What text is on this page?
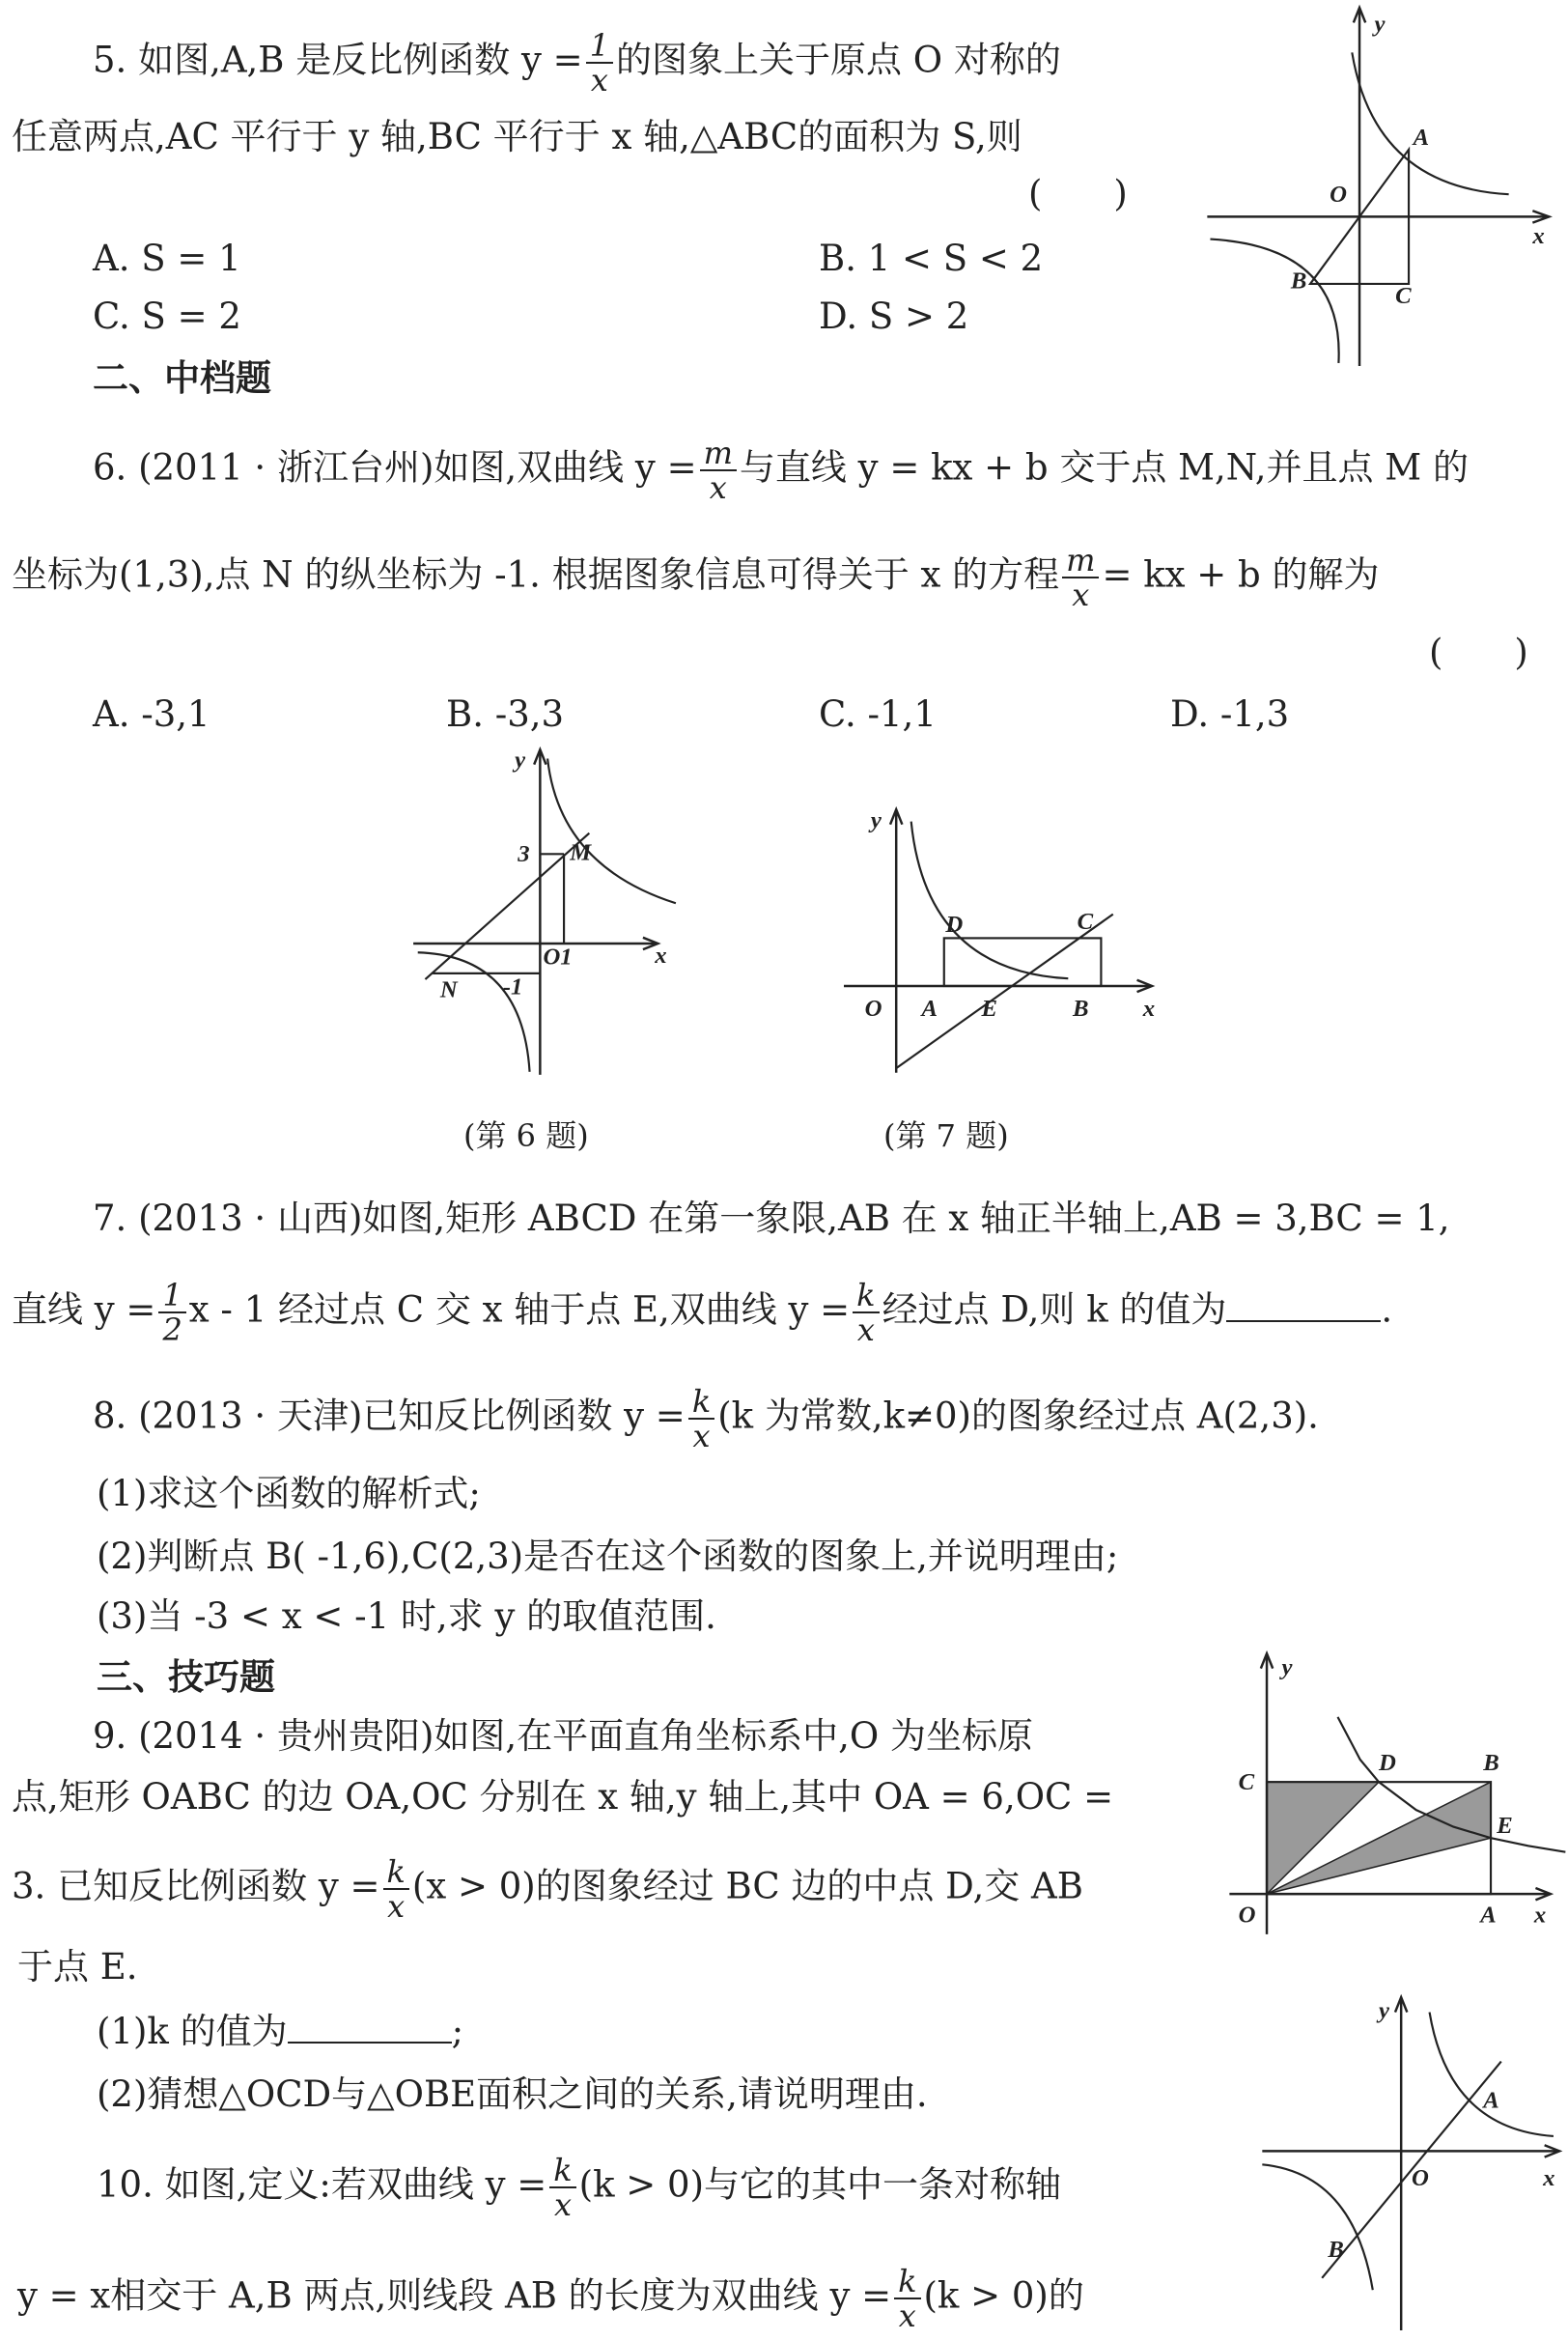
5. 如图,A,B 是反比例函数 $y = \frac{1}{x}$ 的图象上关于原点 O 对称的
任意两点,AC 平行于 y 轴,BC 平行于 x 轴,△ABC的面积为 S,则
(　　)
A. S = 1	B. 1 < S < 2
C. S = 2	D. S > 2
y
O
x
A
B
C
二、中档题
6. (2011 · 浙江台州)如图,双曲线 $y = \frac{m}{x}$ 与直线 y = kx + b 交于点 M,N,并且点 M 的
坐标为(1,3),点 N 的纵坐标为 -1. 根据图象信息可得关于 x 的方程 $\frac{m}{x}$ = kx + b 的解为
(　　)
A. -3,1	B. -3,3	C. -1,1	D. -1,3
y
3	M
O1	x
N	-1
(第 6 题)
y
O	A	E	B	x
D	C
(第 7 题)
7. (2013 · 山西)如图,矩形 ABCD 在第一象限,AB 在 x 轴正半轴上,AB = 3,BC = 1,
直线 $y = \frac{1}{2}$ x - 1 经过点 C 交 x 轴于点 E,双曲线 $y = \frac{k}{x}$ 经过点 D,则 k 的值为	.
8. (2013 · 天津)已知反比例函数 $y = \frac{k}{x} (k$ 为常数,k≠0)的图象经过点 A(2,3).
(1)求这个函数的解析式;
(2)判断点 B( -1,6),C(2,3)是否在这个函数的图象上,并说明理由;
(3)当 -3 < x < -1 时,求 y 的取值范围.
三、技巧题
9. (2014 · 贵州贵阳)如图,在平面直角坐标系中,O 为坐标原
点,矩形 OABC 的边 OA,OC 分别在 x 轴,y 轴上,其中 OA = 6,OC =
3. 已知反比例函数 $y = \frac{k}{x} (x > 0)$的图象经过 BC 边的中点 D,交 AB
于点 E.
(1)k 的值为	;
(2)猜想△OCD与△OBE面积之间的关系,请说明理由.
y
C
D	B
E
O	A x
10. 如图,定义:若双曲线 $y = \frac{k}{x} (k > 0)$与它的其中一条对称轴
y = x相交于 A,B 两点,则线段 AB 的长度为双曲线 $y = \frac{k}{x} (k > 0)$的
y
A
O	x
B
